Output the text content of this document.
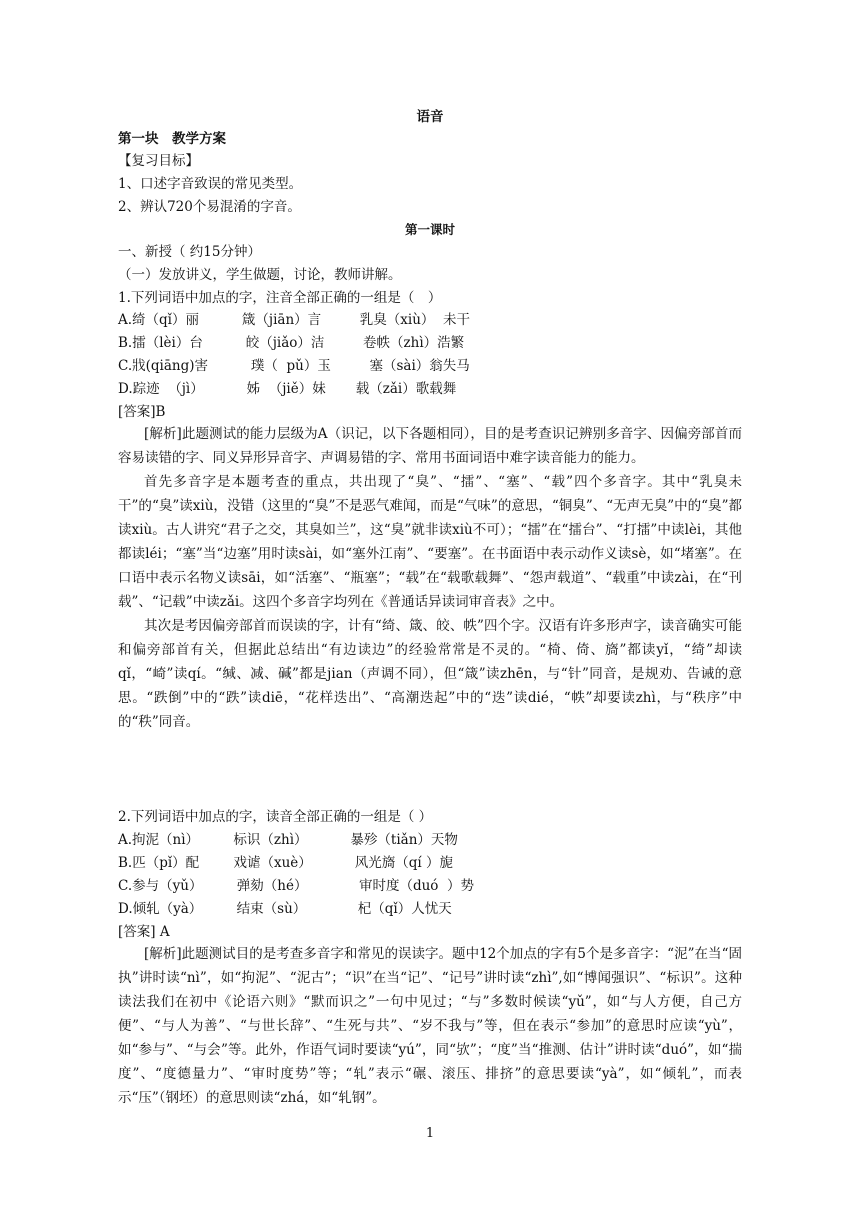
语音
第一块　教学方案
【复习目标】
1、口述字音致误的常见类型。
2、辨认720个易混淆的字音。
第一课时
一、新授（ 约15分钟）
（一）发放讲义，学生做题，讨论，教师讲解。
1.下列词语中加点的字，注音全部正确的一组是（　）
A.绮（qǐ）丽          箴（jiān）言         乳臭（xiù）  未干
B.擂（lèi）台          皎（jiǎo）洁         卷帙（zhì）浩繁
C.戕(qiāng)害          璞（  pǔ）玉         塞（sài）翁失马
D.踪迹  （jì）          姊  （jiě）妹       载（zǎi）歌载舞
[答案]B

[解析]此题测试的能力层级为A（识记，以下各题相同），目的是考查识记辨别多音字、因偏旁部首而容易读错的字、同义异形异音字、声调易错的字、常用书面词语中难字读音能力的能力。

首先多音字是本题考查的重点，共出现了“臭”、“擂”、“塞”、“载”四个多音字。其中“乳臭未干”的“臭”读xiù，没错（这里的“臭”不是恶气难闻，而是“气味”的意思，“铜臭”、“无声无臭”中的“臭”都读xiù。古人讲究“君子之交，其臭如兰”，这“臭”就非读xiù不可）；“擂”在“擂台”、“打擂”中读lèi，其他都读léi；“塞”当“边塞”用时读sài，如“塞外江南”、“要塞”。在书面语中表示动作义读sè，如“堵塞”。在口语中表示名物义读sāi，如“活塞”、“瓶塞”；“载”在“载歌载舞”、“怨声载道”、“载重”中读zài，在“刊载”、“记载”中读zǎi。这四个多音字均列在《普通话异读词审音表》之中。

其次是考因偏旁部首而误读的字，计有“绮、箴、皎、帙”四个字。汉语有许多形声字，读音确实可能和偏旁部首有关，但据此总结出“有边读边”的经验常常是不灵的。“椅、倚、旖”都读yǐ，“绮”却读qǐ，“崎”读qí。“缄、减、碱”都是jian（声调不同），但“箴”读zhēn，与“针”同音，是规劝、告诫的意思。“跌倒”中的“跌”读diē，“花样迭出”、“高潮迭起”中的“迭”读dié，“帙”却要读zhì，与“秩序”中的“秩”同音。

2.下列词语中加点的字，读音全部正确的一组是（ ）
A.拘泥（nì）        标识（zhì）          暴殄（tiǎn）天物
B.匹（pǐ）配        戏谑（xuè）          风光旖（qí ）旎
C.参与（yǔ）        弹劾（hé）            审时度（duó  ）势
D.倾轧（yà）        结束（sù）            杞（qǐ）人忧天
[答案] A

[解析]此题测试目的是考查多音字和常见的误读字。题中12个加点的字有5个是多音字：“泥”在当“固执”讲时读“nì”，如“拘泥”、“泥古”；“识”在当“记”、“记号”讲时读“zhì”,如“博闻强识”、“标识”。这种读法我们在初中《论语六则》“默而识之”一句中见过；“与”多数时候读“yǔ”，如“与人方便，自己方便”、“与人为善”、“与世长辞”、“生死与共”、“岁不我与”等，但在表示“参加”的意思时应读“yù”，如“参与”、“与会”等。此外，作语气词时要读“yú”，同“欤”；“度”当“推测、估计”讲时读“duó”，如“揣度”、“度德量力”、“审时度势”等；“轧”表示“碾、滚压、排挤”的意思要读“yà”，如“倾轧”，而表示“压”（钢坯）的意思则读“zhá，如“轧钢”。

1
